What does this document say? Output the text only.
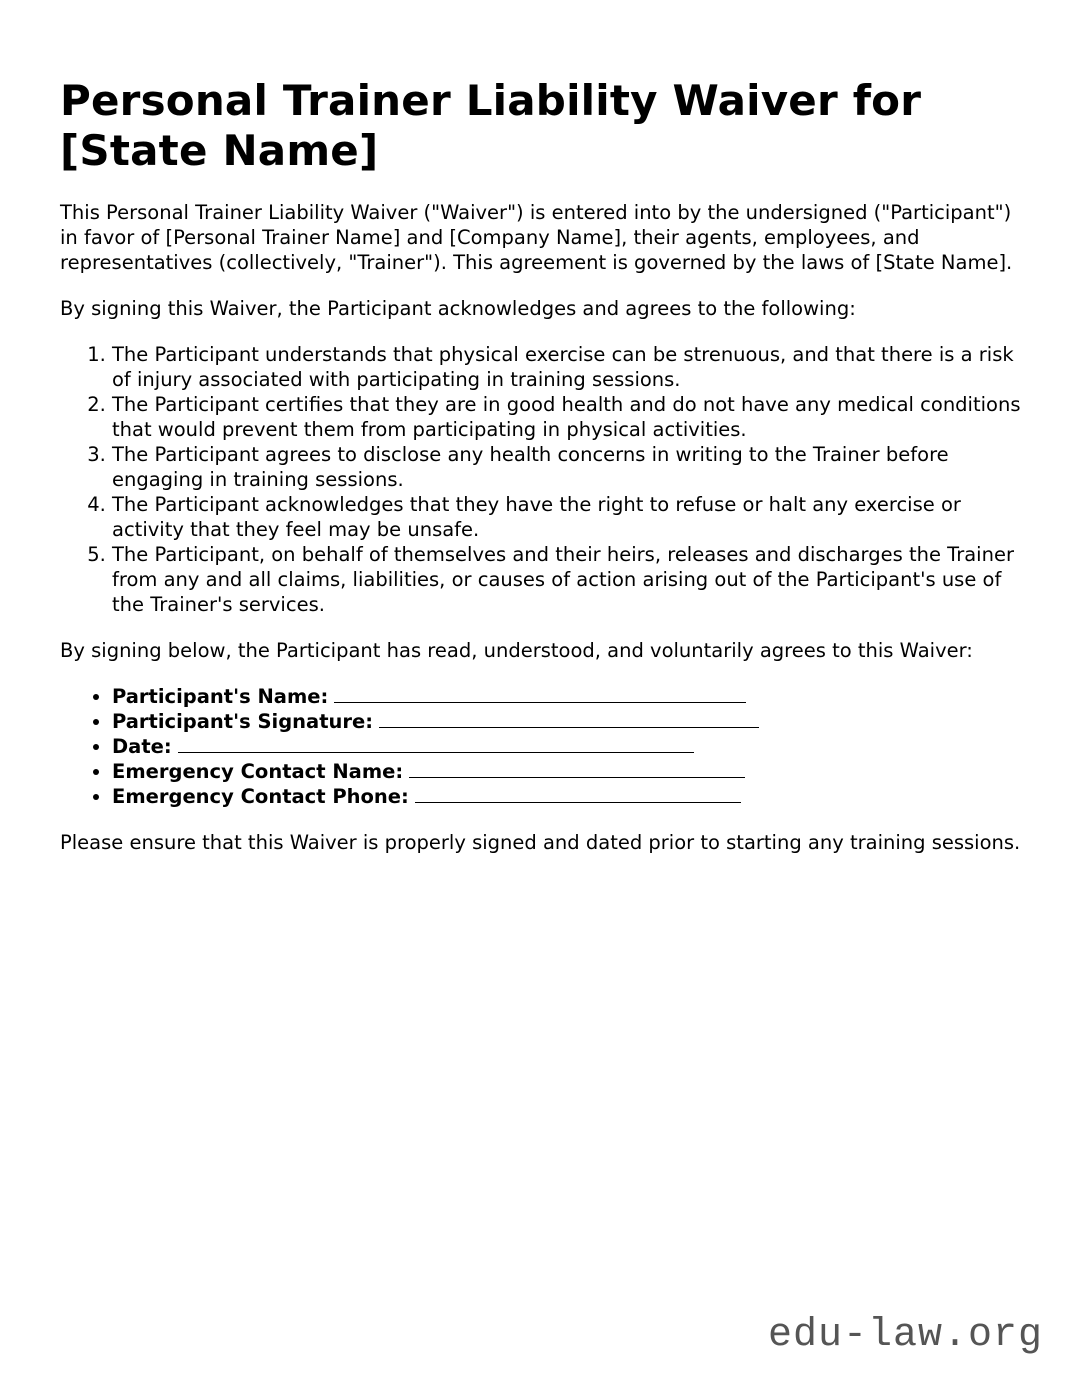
Personal Trainer Liability Waiver for [State Name]

This Personal Trainer Liability Waiver ("Waiver") is entered into by the undersigned ("Participant") in favor of [Personal Trainer Name] and [Company Name], their agents, employees, and representatives (collectively, "Trainer"). This agreement is governed by the laws of [State Name].

By signing this Waiver, the Participant acknowledges and agrees to the following:

1. The Participant understands that physical exercise can be strenuous, and that there is a risk of injury associated with participating in training sessions.
2. The Participant certifies that they are in good health and do not have any medical conditions that would prevent them from participating in physical activities.
3. The Participant agrees to disclose any health concerns in writing to the Trainer before engaging in training sessions.
4. The Participant acknowledges that they have the right to refuse or halt any exercise or activity that they feel may be unsafe.
5. The Participant, on behalf of themselves and their heirs, releases and discharges the Trainer from any and all claims, liabilities, or causes of action arising out of the Participant's use of the Trainer's services.

By signing below, the Participant has read, understood, and voluntarily agrees to this Waiver:

• Participant's Name:
• Participant's Signature:
• Date:
• Emergency Contact Name:
• Emergency Contact Phone:

Please ensure that this Waiver is properly signed and dated prior to starting any training sessions.

edu-law.org
